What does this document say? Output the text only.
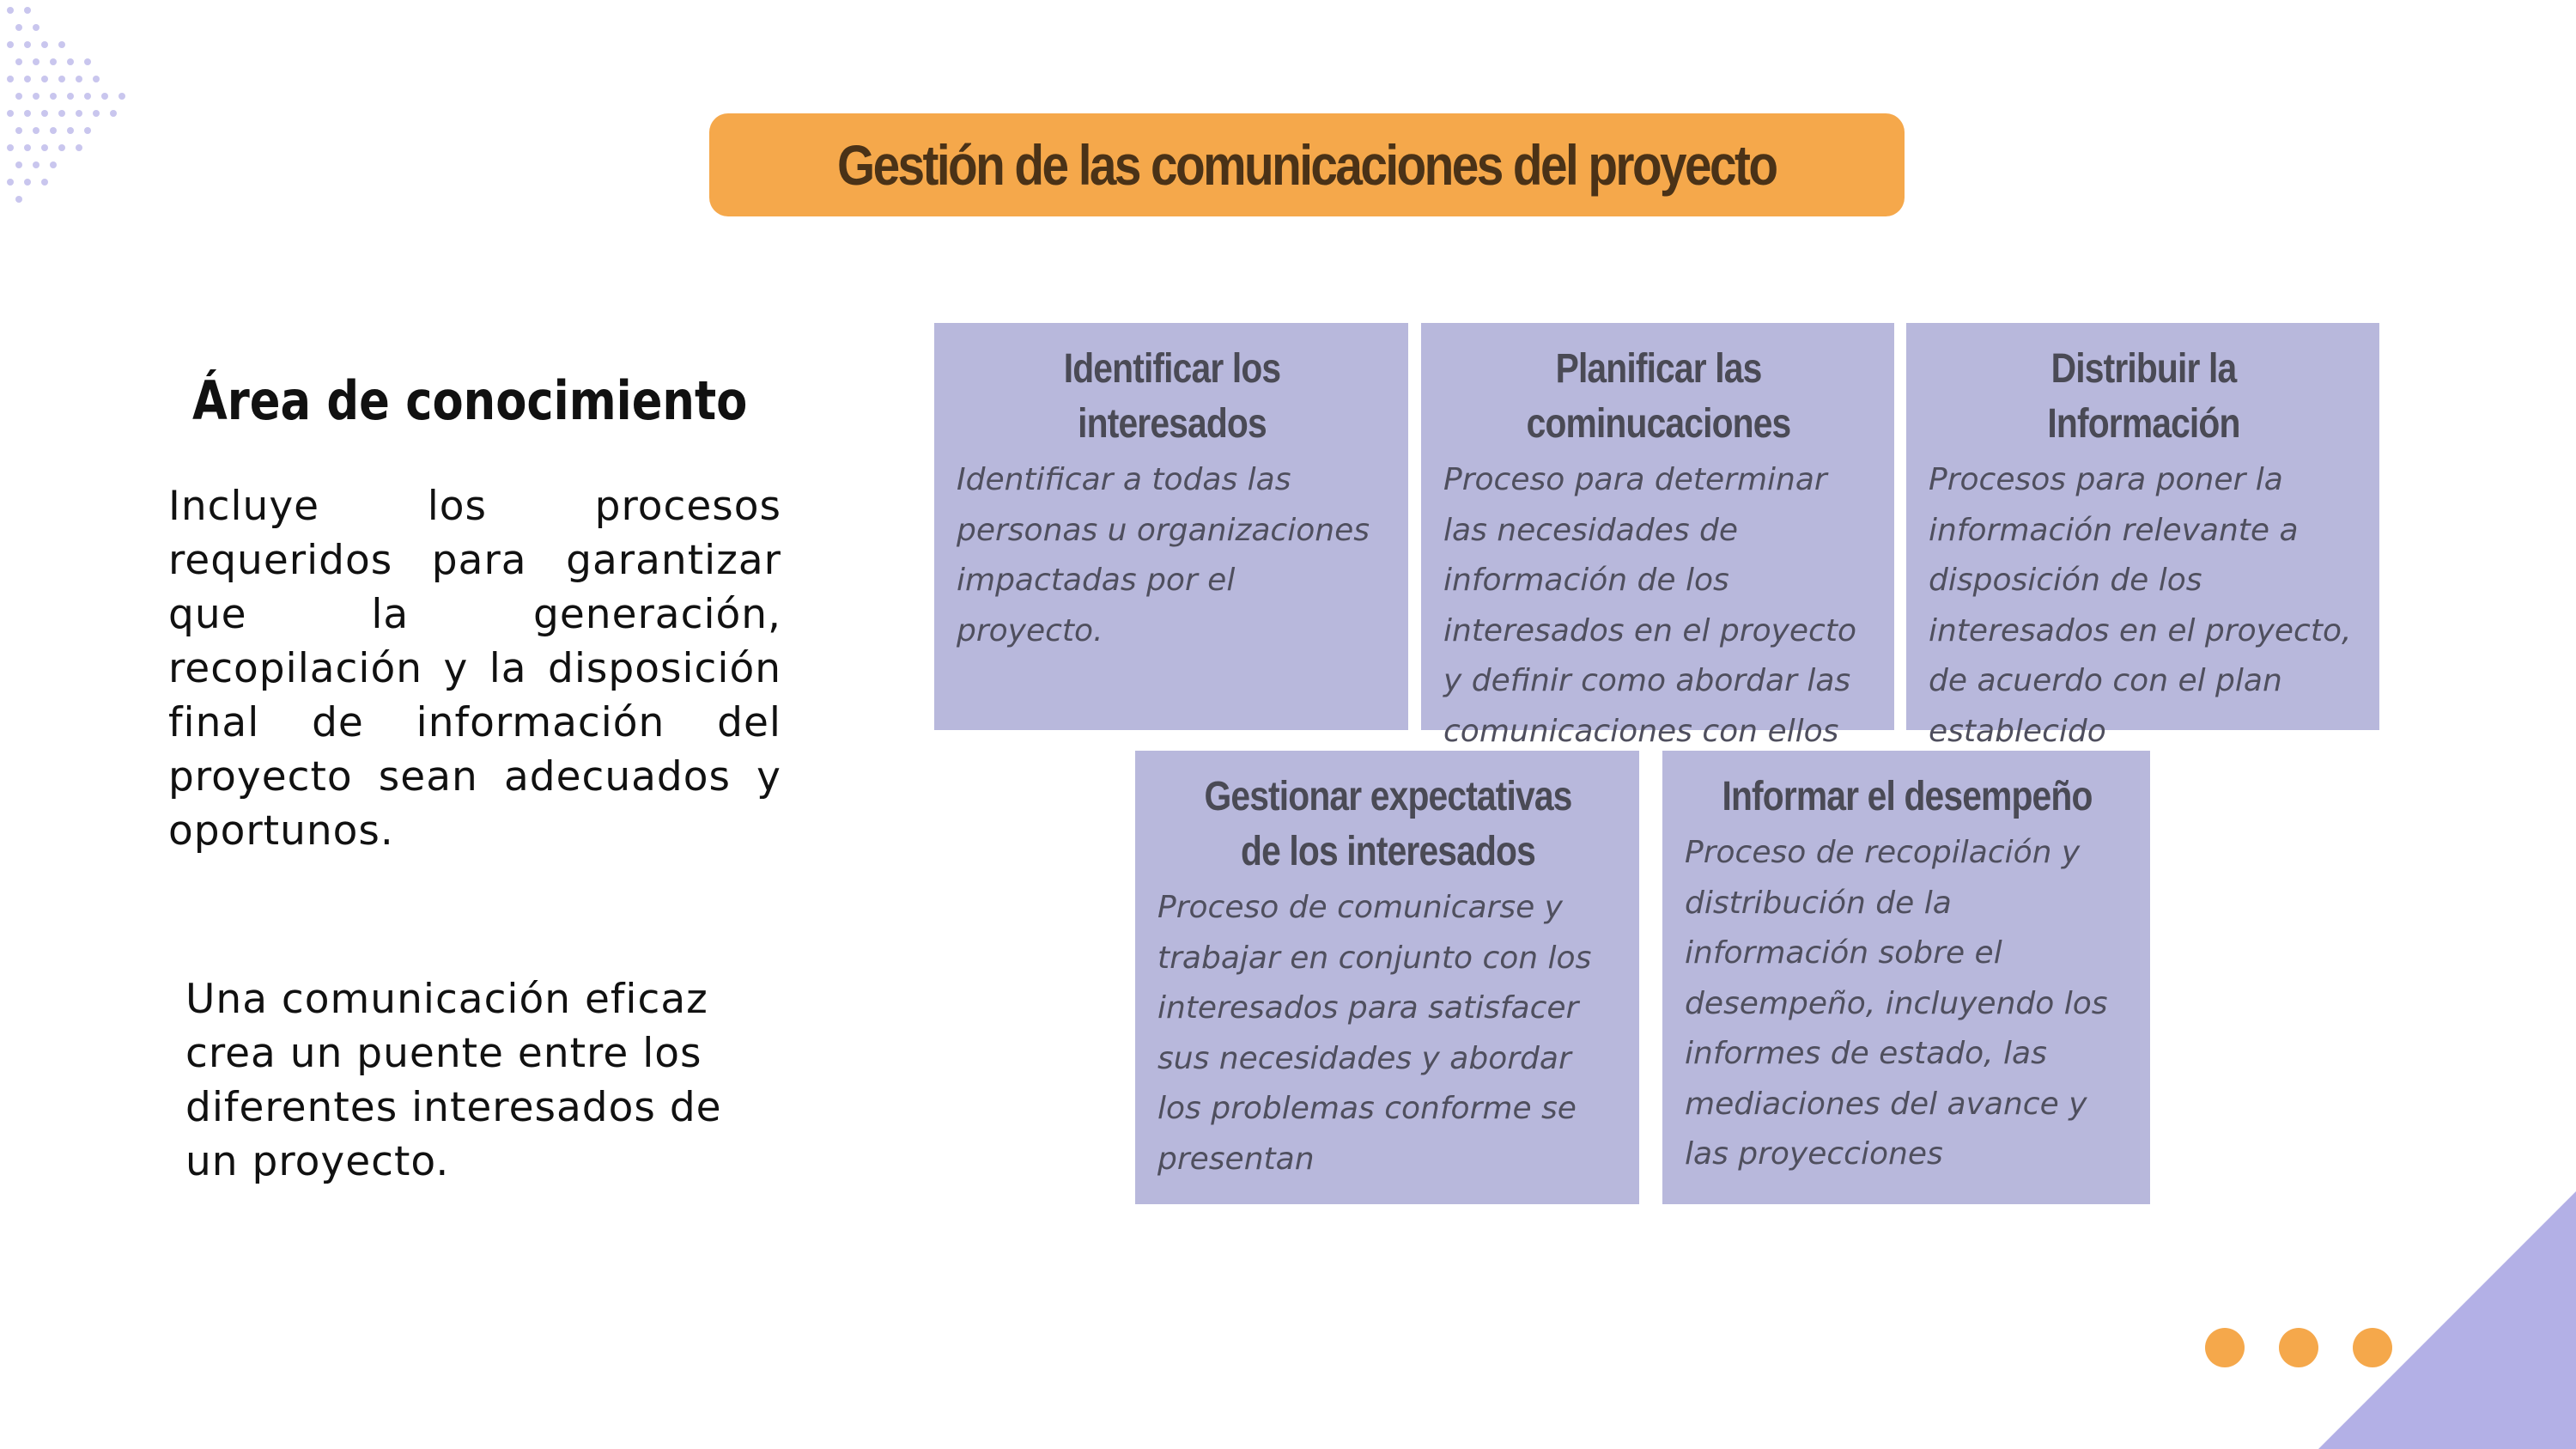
Gestión de las comunicaciones del proyecto
Área de conocimiento
Incluye los procesos requeridos para garantizar que la generación, recopilación y la disposición final de información del proyecto sean adecuados y oportunos.
Una comunicación eficaz crea un puente entre los diferentes interesados de un proyecto.
Identificar los interesados
Identificar a todas las personas u organizaciones impactadas por el proyecto.
Planificar las cominucaciones
Proceso para determinar las necesidades de información de los interesados en el proyecto y definir como abordar las comunicaciones con ellos
Distribuir la Información
Procesos para poner la información relevante a disposición de los interesados en el proyecto, de acuerdo con el plan establecido
Gestionar expectativas de los interesados
Proceso de comunicarse y trabajar en conjunto con los interesados para satisfacer sus necesidades y abordar los problemas conforme se presentan
Informar el desempeño
Proceso de recopilación y distribución de la información sobre el desempeño, incluyendo los informes de estado, las mediaciones del avance y las proyecciones
